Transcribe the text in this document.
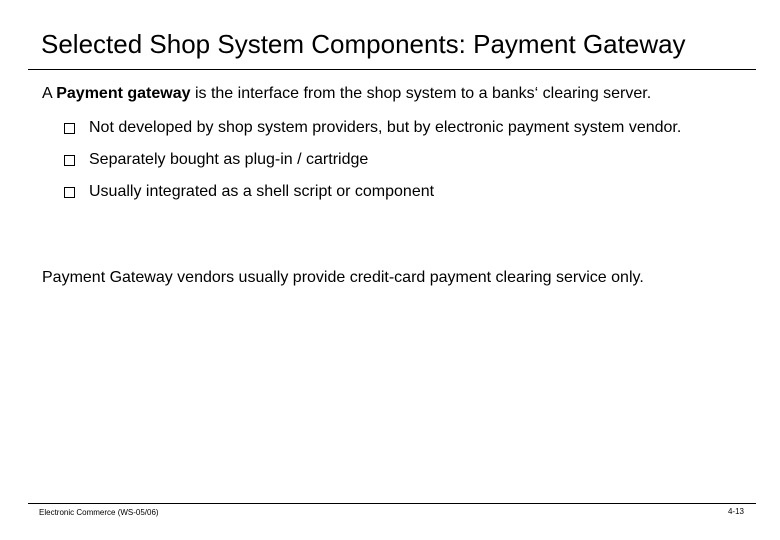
Selected Shop System Components: Payment Gateway
A Payment gateway is the interface from the shop system to a banks‘ clearing server.
Not developed by shop system providers, but by electronic payment system vendor.
Separately bought as plug-in / cartridge
Usually integrated as a shell script or component
Payment Gateway vendors usually provide credit-card payment clearing service only.
Electronic Commerce (WS-05/06)	4-13
